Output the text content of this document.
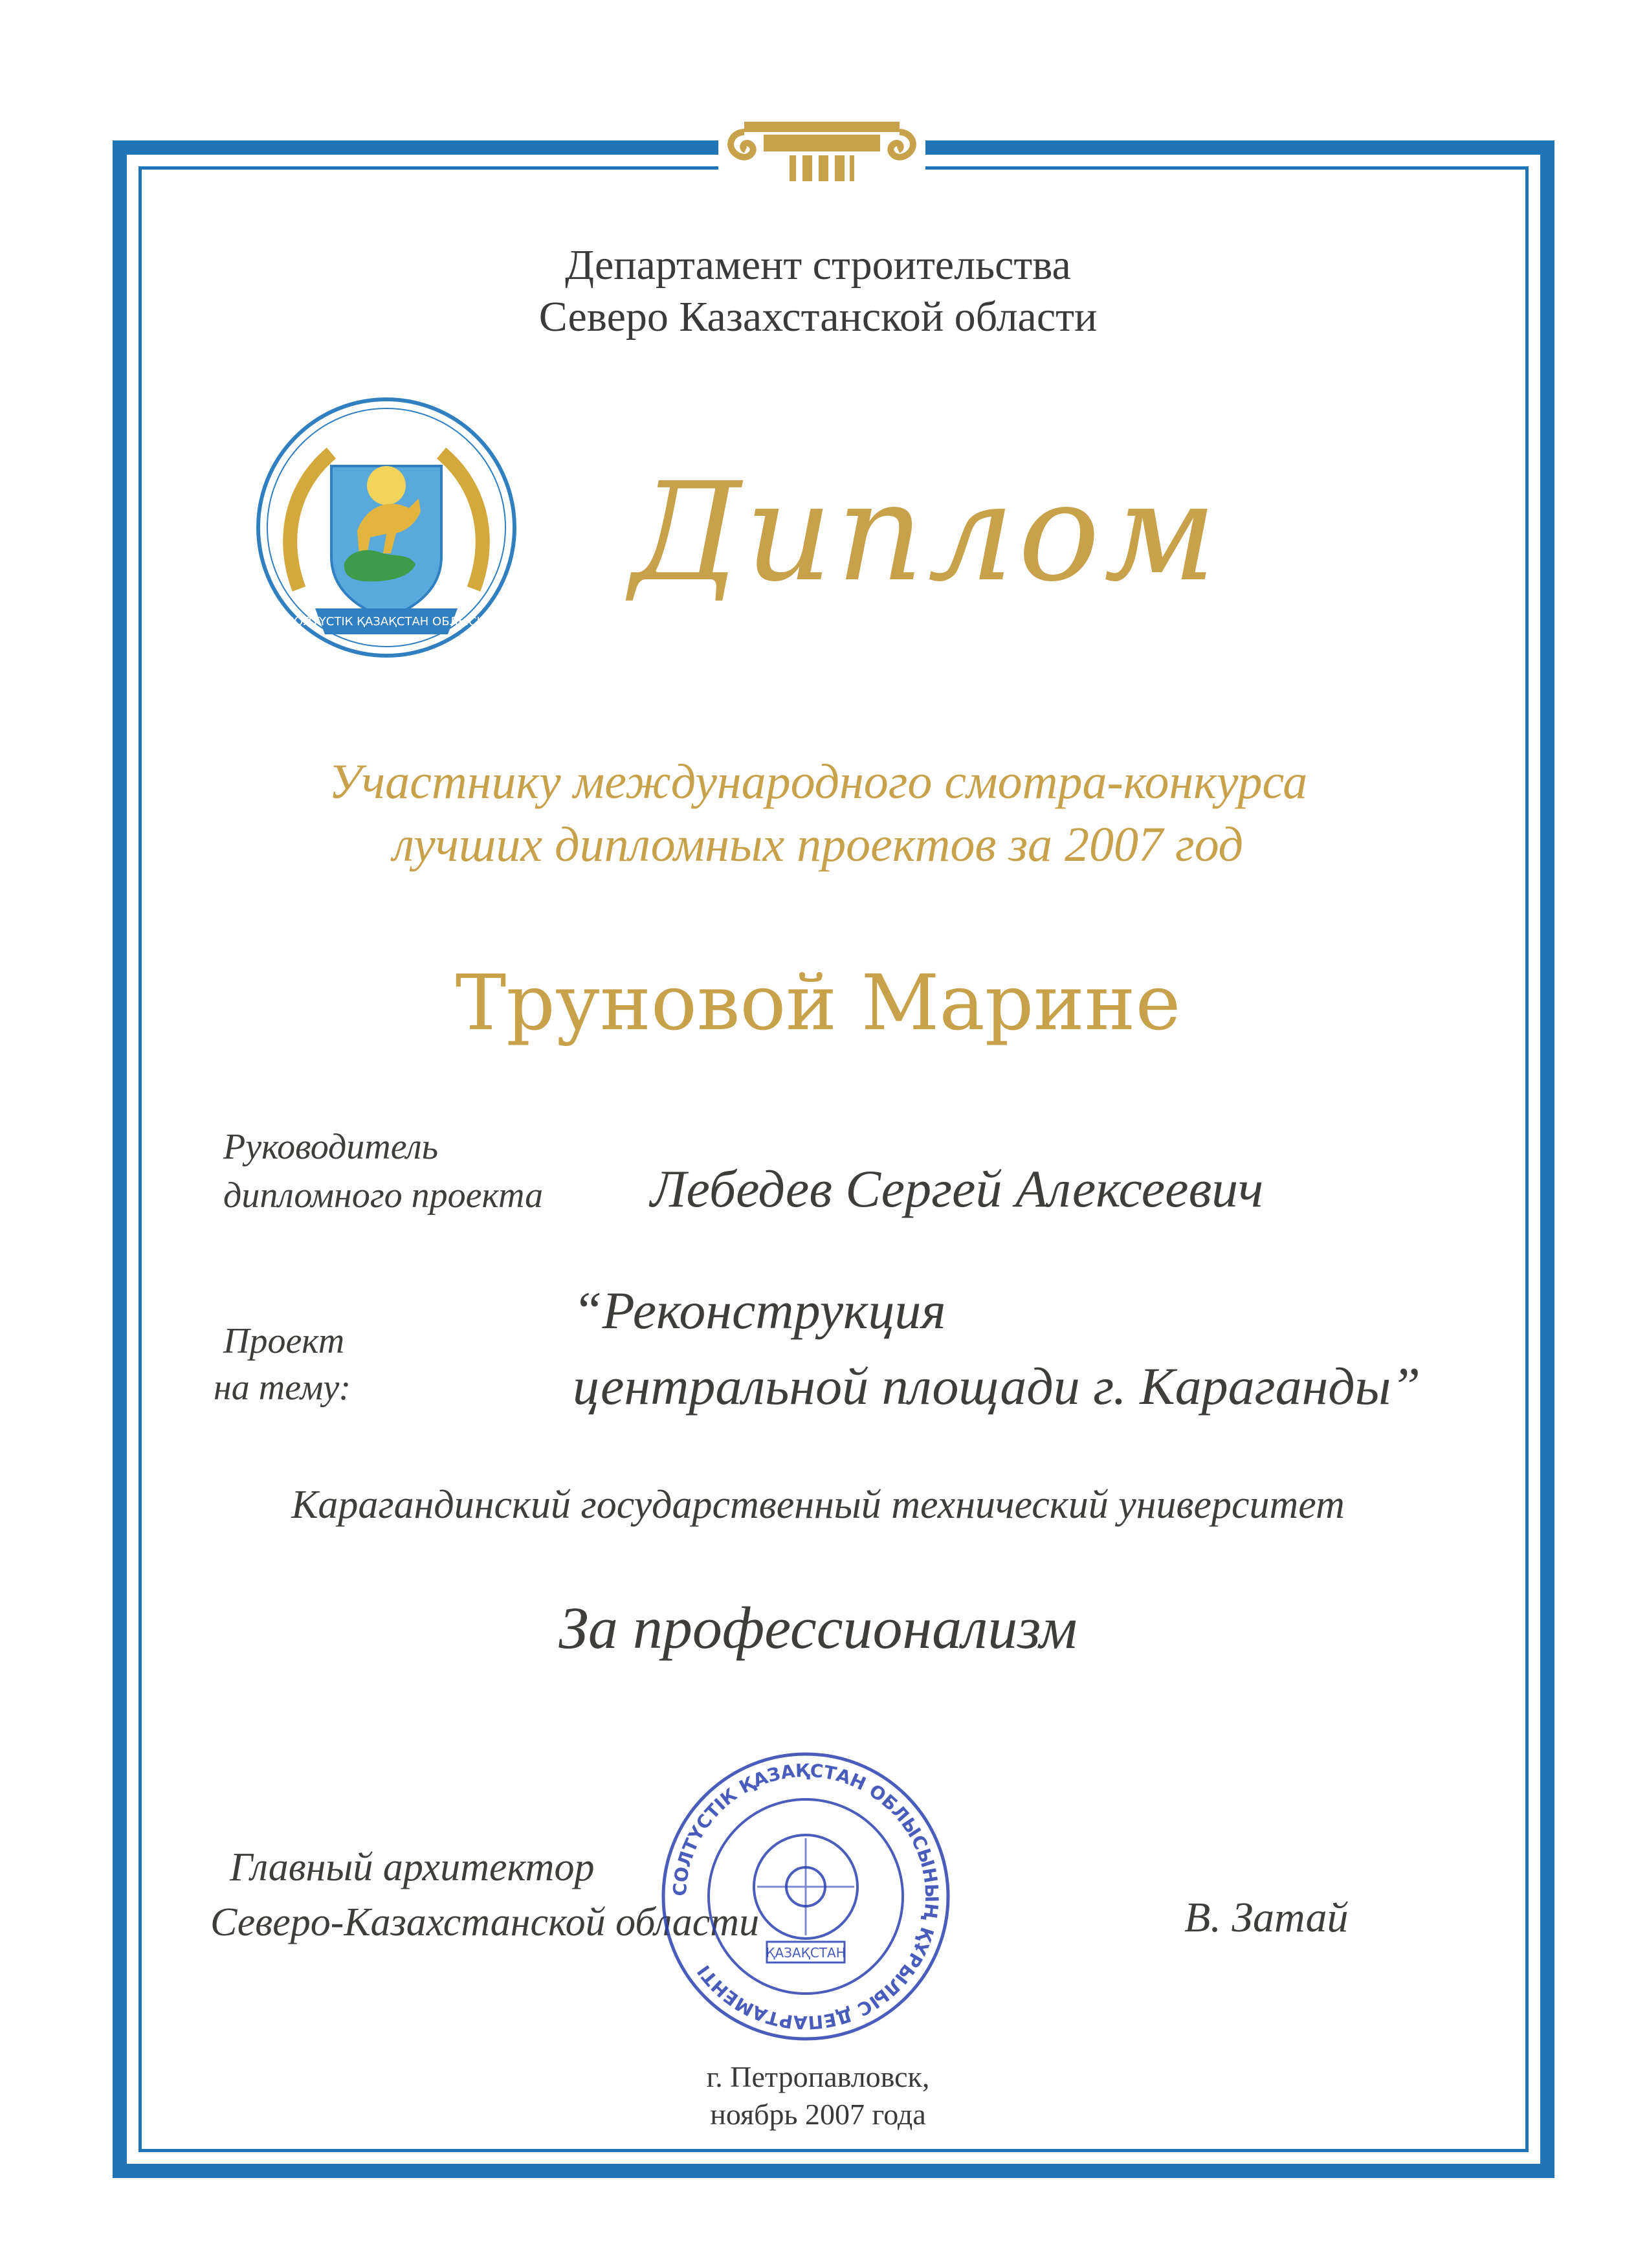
Департамент строительства
Северо Казахстанской области
СОЛТҮСТІК ҚАЗАҚСТАН ОБЛЫСЫ
Диплом
Участнику международного смотра-конкурса
лучших дипломных проектов за 2007 год
Труновой Марине
Руководитель
дипломного проекта Лебедев Сергей Алексеевич
Проект
на тему:
“Реконструкция
центральной площади г. Караганды”
Карагандинский государственный технический университет
За профессионализм
Главный архитектор
Северо-Казахстанской области	В. Затай
СОЛТҮСТІК ҚАЗАҚСТАН ОБЛЫСЫНЫҢ ҚҰРЫЛЫС ДЕПАРТАМЕНТІ
ҚАЗАҚСТАН
г. Петропавловск,
ноябрь 2007 года
